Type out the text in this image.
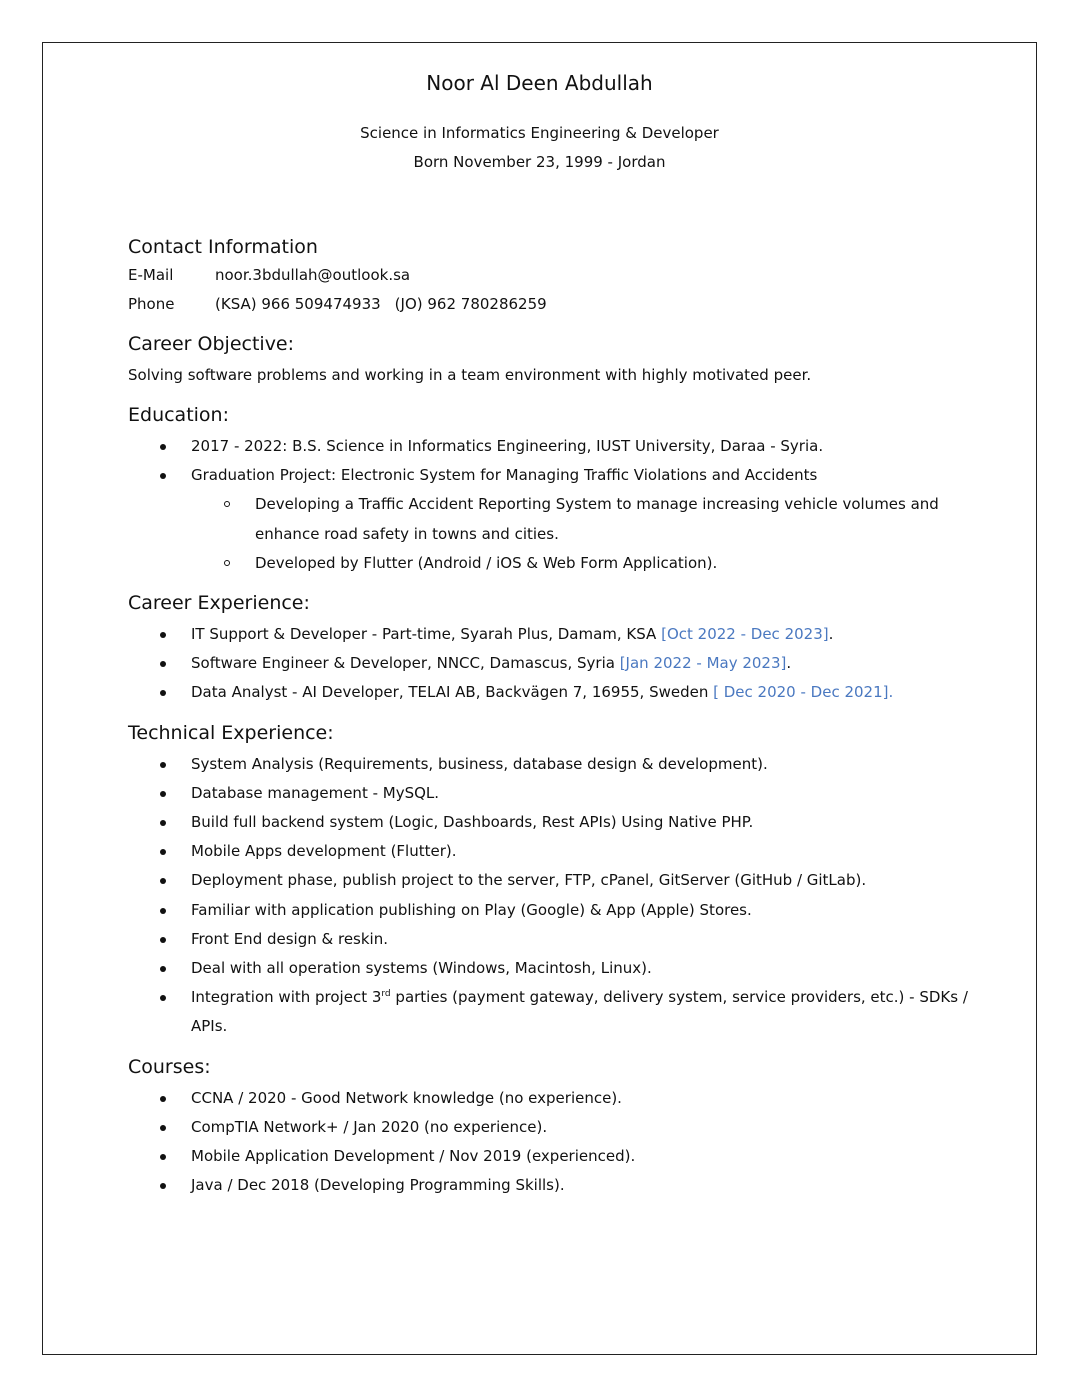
Noor Al Deen Abdullah
Science in Informatics Engineering & Developer
Born November 23, 1999 - Jordan
Contact Information
E-Mail	noor.3bdullah@outlook.sa
Phone	(KSA) 966 509474933 (JO) 962 780286259
Career Objective:

Solving software problems and working in a team environment with highly motivated peer.

Education:
2017 - 2022: B.S. Science in Informatics Engineering, IUST University, Daraa - Syria.
Graduation Project: Electronic System for Managing Traffic Violations and Accidents
Developing a Traffic Accident Reporting System to manage increasing vehicle volumes and enhance road safety in towns and cities.
Developed by Flutter (Android / iOS & Web Form Application).
Career Experience:
IT Support & Developer - Part-time, Syarah Plus, Damam, KSA [Oct 2022 - Dec 2023].
Software Engineer & Developer, NNCC, Damascus, Syria [Jan 2022 - May 2023].
Data Analyst - AI Developer, TELAI AB, Backvägen 7, 16955, Sweden [ Dec 2020 - Dec 2021].
Technical Experience:
System Analysis (Requirements, business, database design & development).
Database management - MySQL.
Build full backend system (Logic, Dashboards, Rest APIs) Using Native PHP.
Mobile Apps development (Flutter).
Deployment phase, publish project to the server, FTP, cPanel, GitServer (GitHub / GitLab).
Familiar with application publishing on Play (Google) & App (Apple) Stores.
Front End design & reskin.
Deal with all operation systems (Windows, Macintosh, Linux).
Integration with project 3rd parties (payment gateway, delivery system, service providers, etc.) - SDKs / APIs.
Courses:
CCNA / 2020 - Good Network knowledge (no experience).
CompTIA Network+ / Jan 2020 (no experience).
Mobile Application Development / Nov 2019 (experienced).
Java / Dec 2018 (Developing Programming Skills).
